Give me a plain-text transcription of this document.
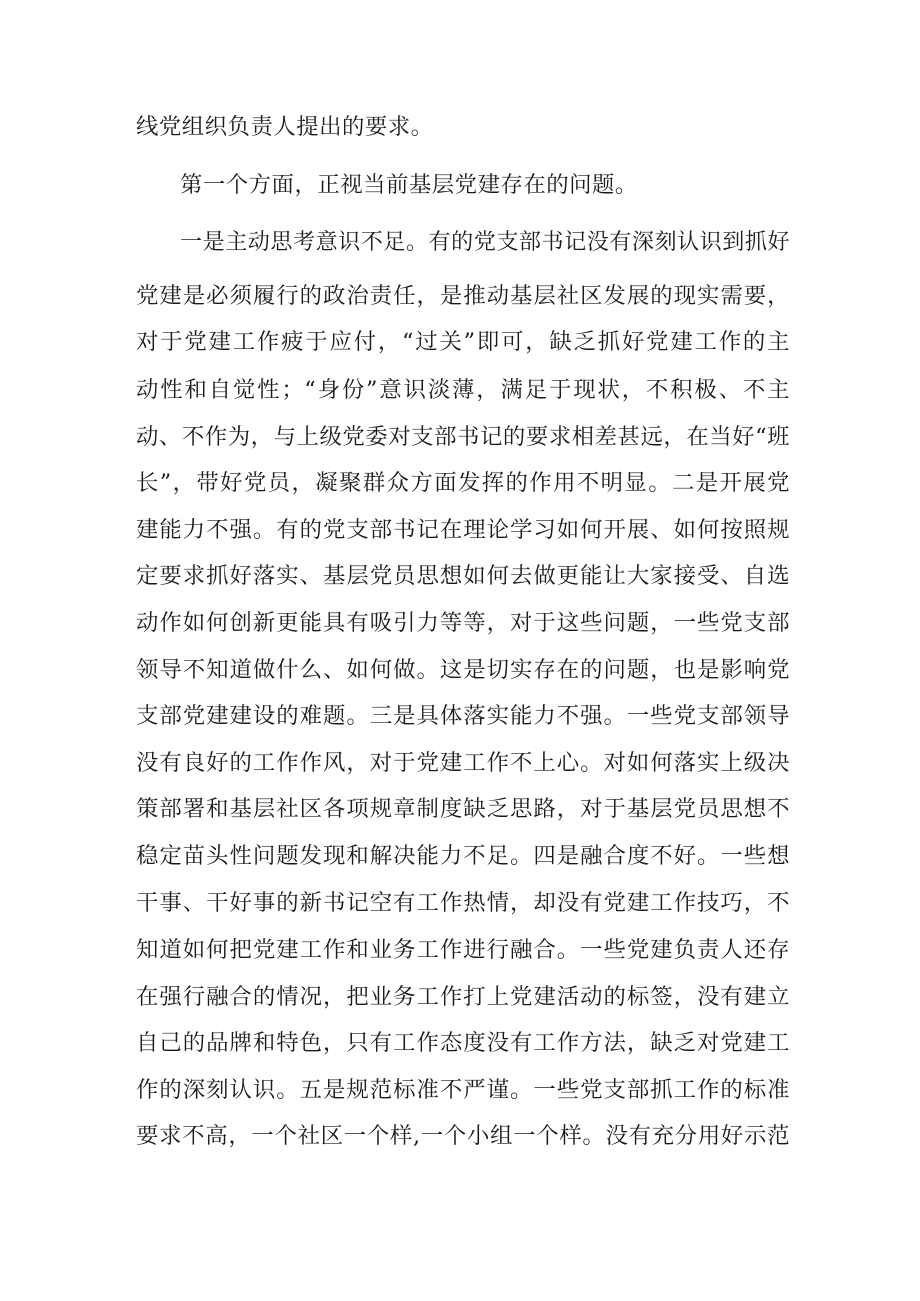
线党组织负责人提出的要求。
第一个方面，正视当前基层党建存在的问题。
一是主动思考意识不足。有的党支部书记没有深刻认识到抓好
党建是必须履行的政治责任，是推动基层社区发展的现实需要，
对于党建工作疲于应付，“过关”即可，缺乏抓好党建工作的主
动性和自觉性；“身份”意识淡薄，满足于现状，不积极、不主
动、不作为，与上级党委对支部书记的要求相差甚远，在当好“班
长”，带好党员，凝聚群众方面发挥的作用不明显。二是开展党
建能力不强。有的党支部书记在理论学习如何开展、如何按照规
定要求抓好落实、基层党员思想如何去做更能让大家接受、自选
动作如何创新更能具有吸引力等等，对于这些问题，一些党支部
领导不知道做什么、如何做。这是切实存在的问题，也是影响党
支部党建建设的难题。三是具体落实能力不强。一些党支部领导
没有良好的工作作风，对于党建工作不上心。对如何落实上级决
策部署和基层社区各项规章制度缺乏思路，对于基层党员思想不
稳定苗头性问题发现和解决能力不足。四是融合度不好。一些想
干事、干好事的新书记空有工作热情，却没有党建工作技巧，不
知道如何把党建工作和业务工作进行融合。一些党建负责人还存
在强行融合的情况，把业务工作打上党建活动的标签，没有建立
自己的品牌和特色，只有工作态度没有工作方法，缺乏对党建工
作的深刻认识。五是规范标准不严谨。一些党支部抓工作的标准
要求不高，一个社区一个样,一个小组一个样。没有充分用好示范
